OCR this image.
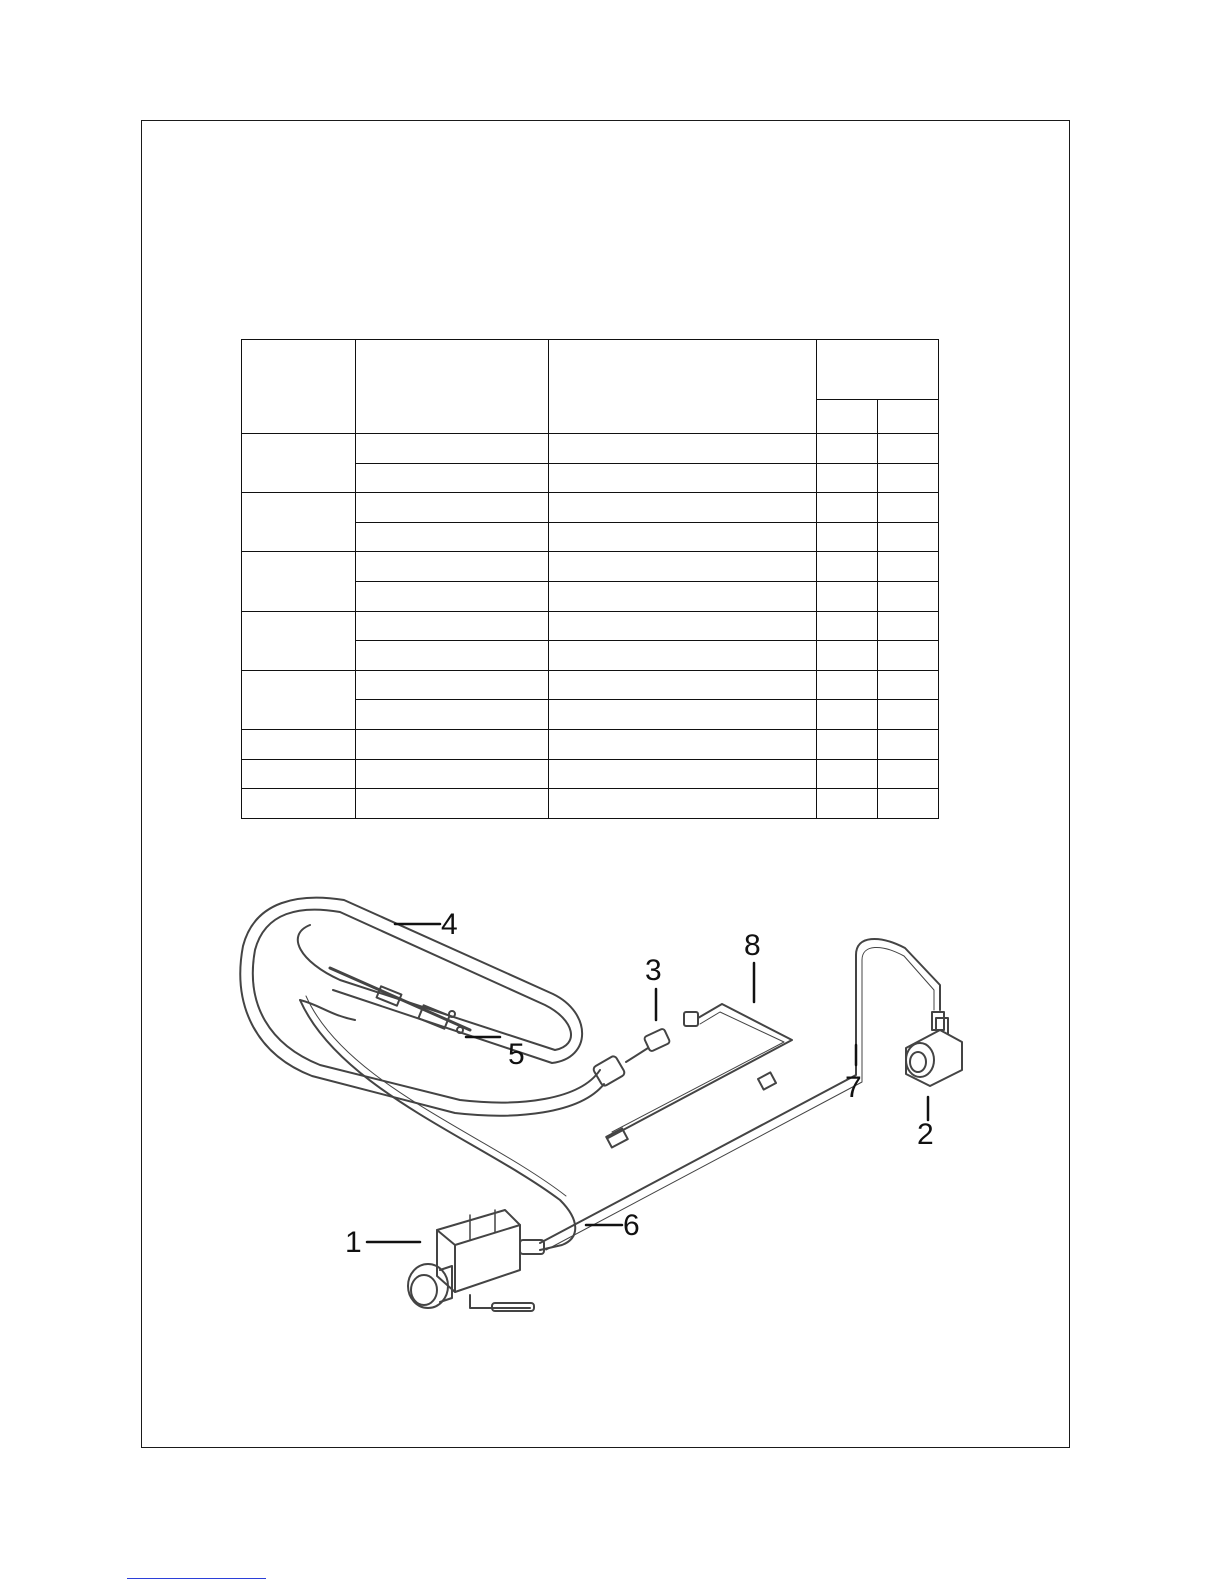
4
5
3
8
7
2
1
6
